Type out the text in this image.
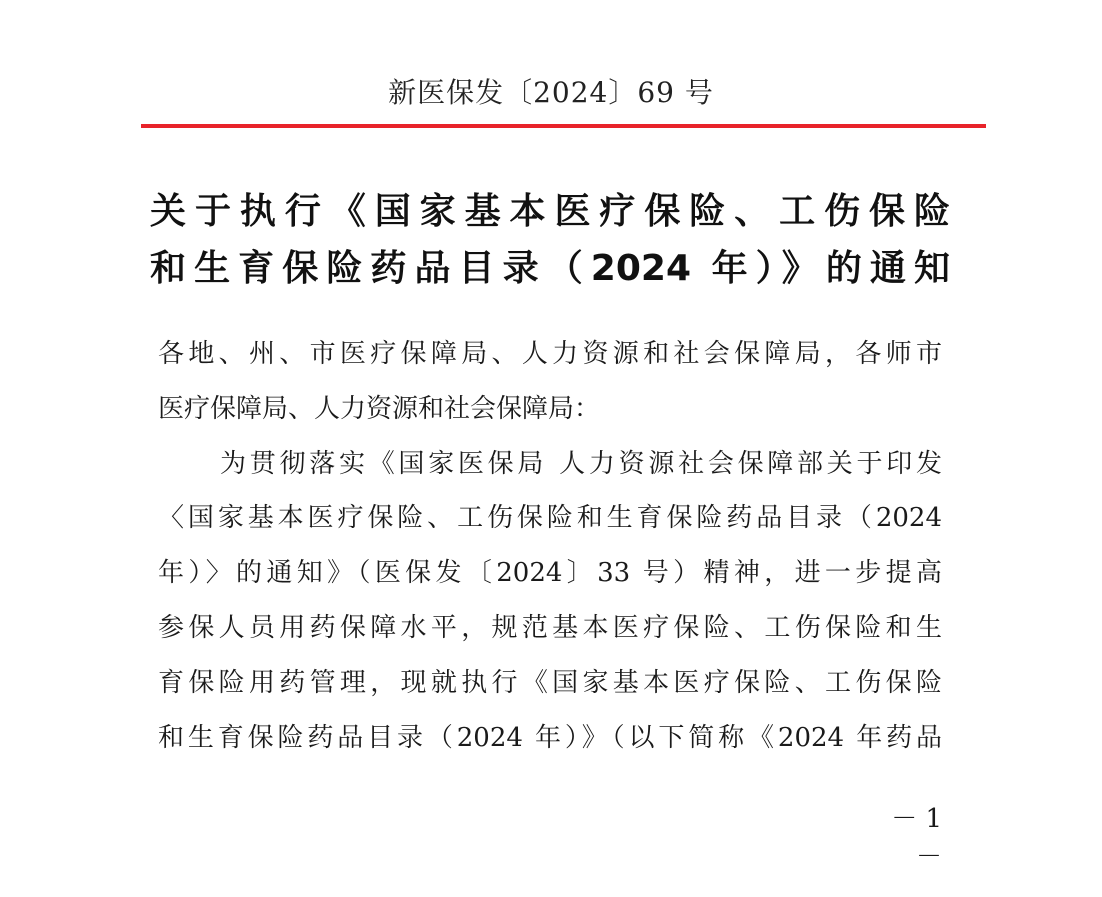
新医保发〔2024〕69 号
关于执行《国家基本医疗保险、工伤保险
和生育保险药品目录（2024 年）》的通知
各地、州、市医疗保障局、人力资源和社会保障局，各师市
医疗保障局、人力资源和社会保障局：
为贯彻落实《国家医保局 人力资源社会保障部关于印发
〈国家基本医疗保险、工伤保险和生育保险药品目录（2024
年）〉的通知》（医保发〔2024〕33 号）精神，进一步提高
参保人员用药保障水平，规范基本医疗保险、工伤保险和生
育保险用药管理，现就执行《国家基本医疗保险、工伤保险
和生育保险药品目录（2024 年）》（以下简称《2024 年药品
－ 1 －
